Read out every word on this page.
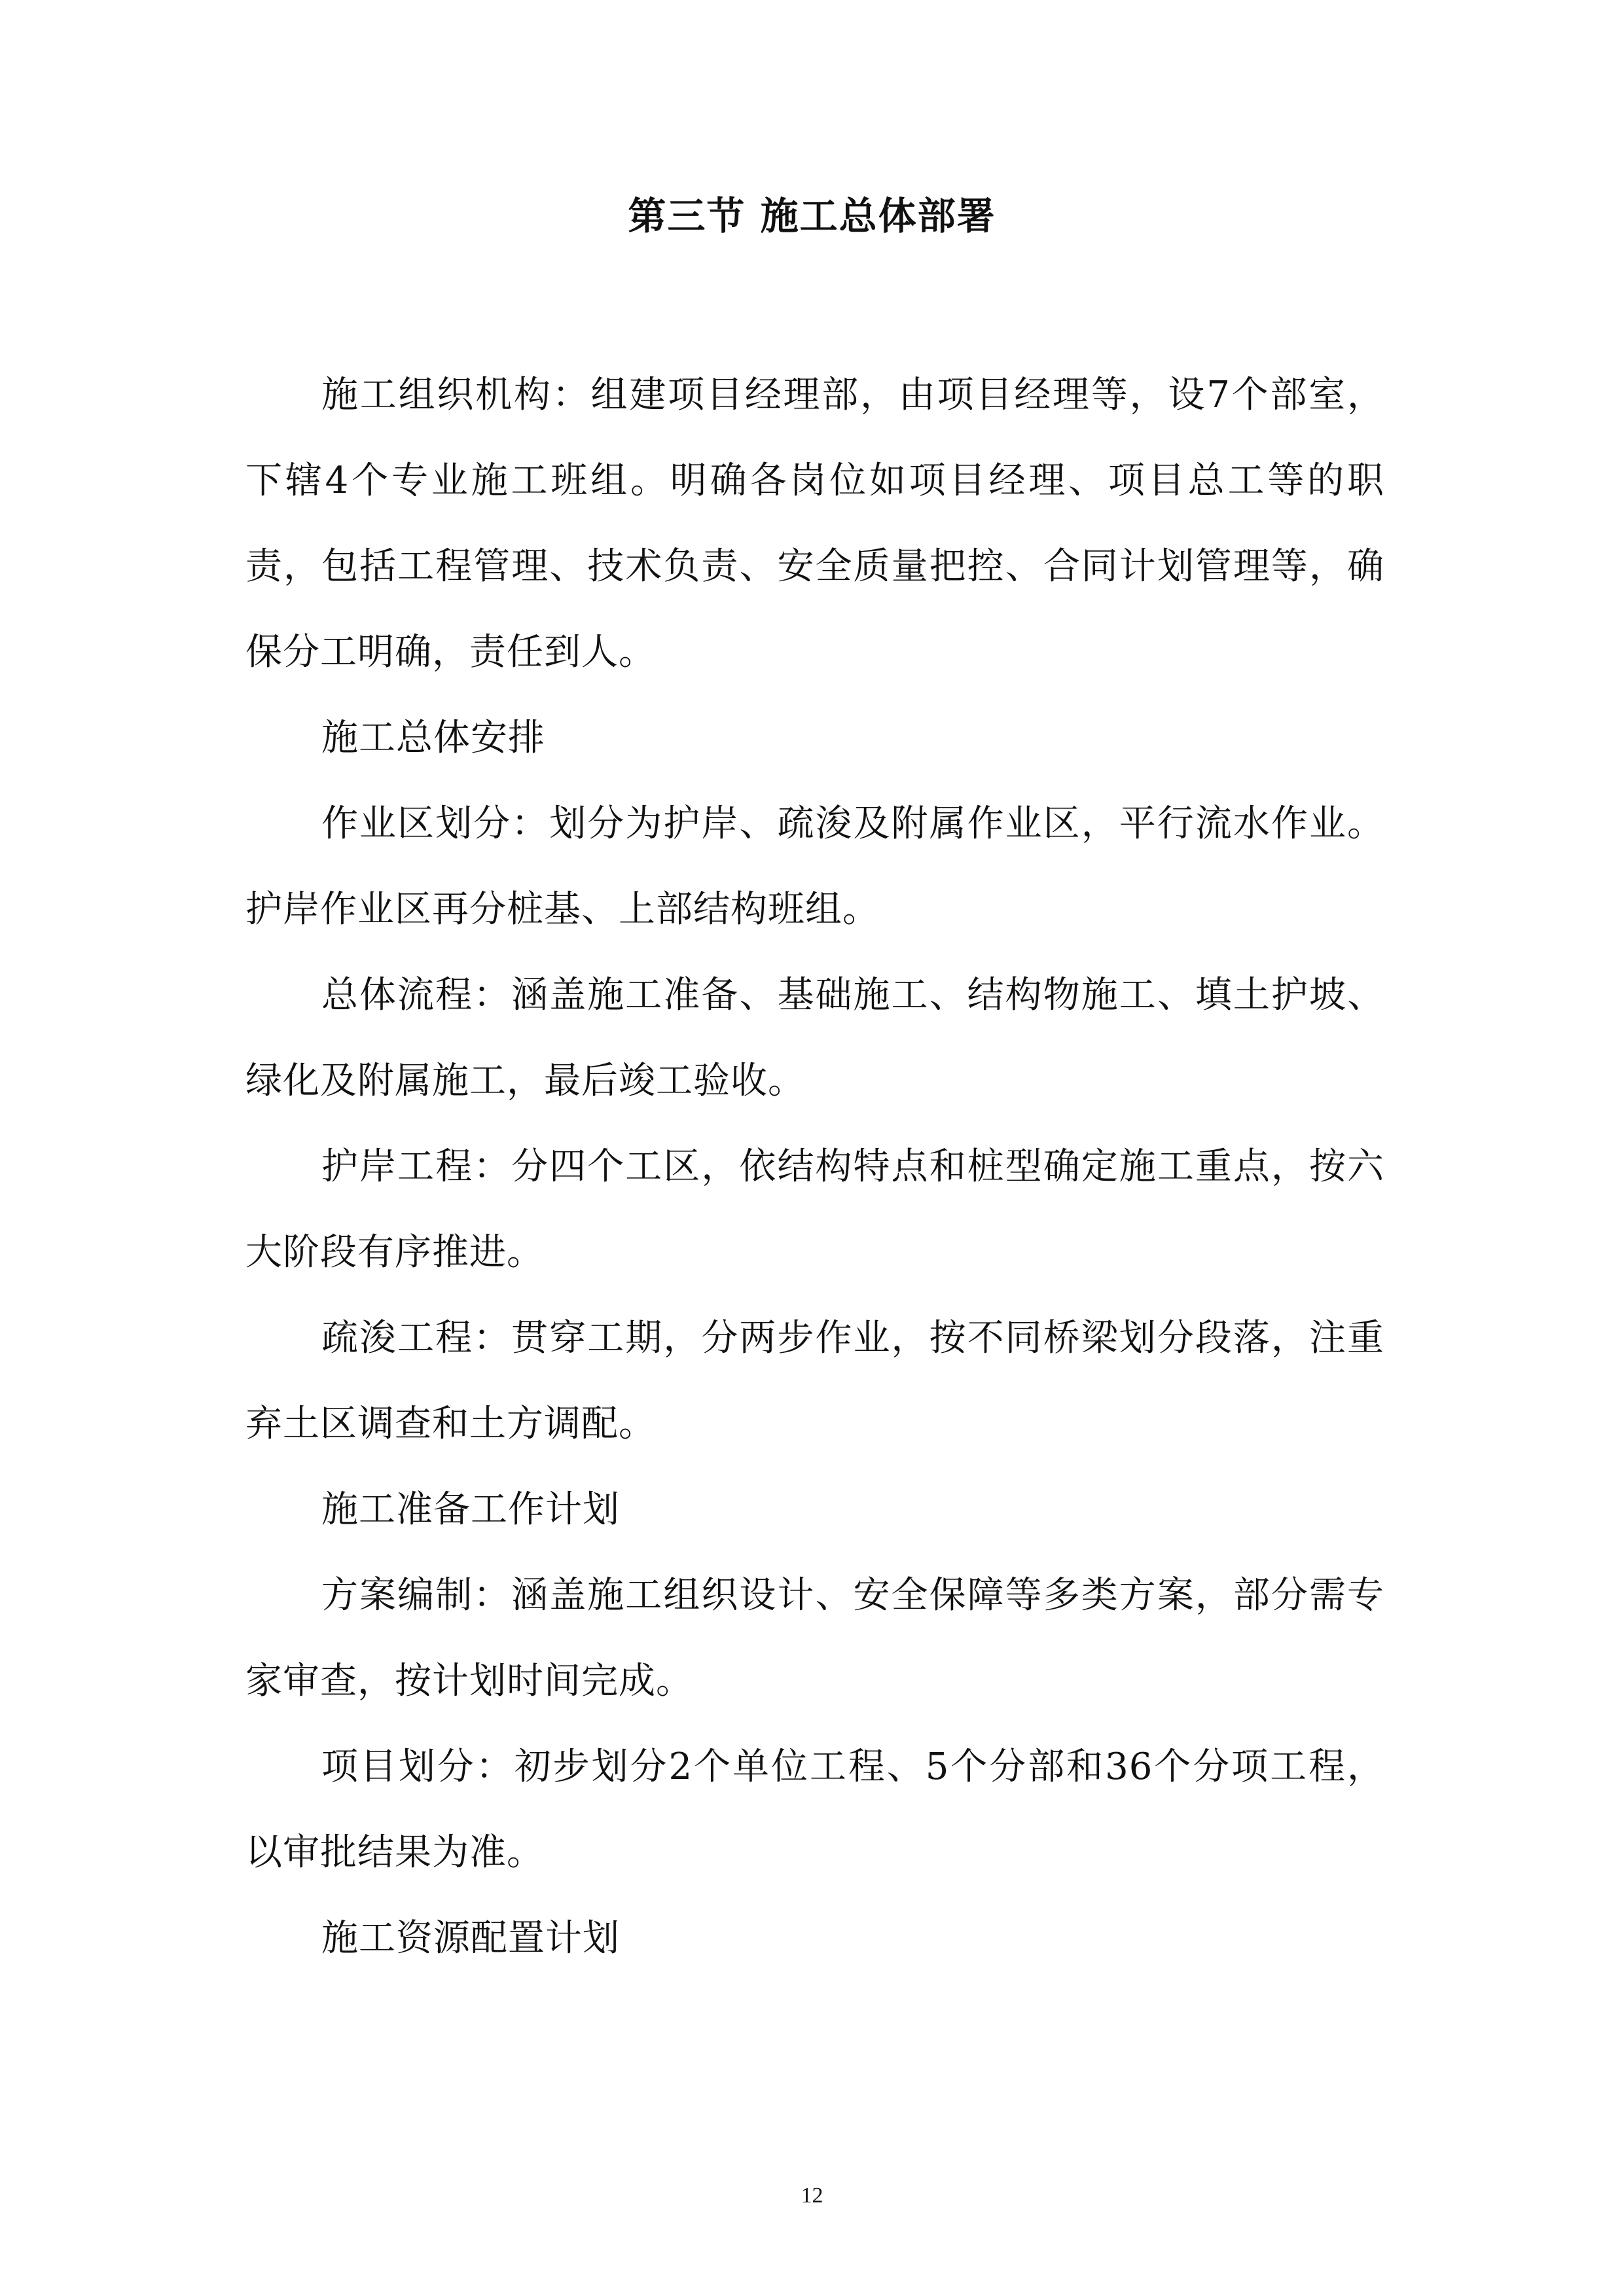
第三节 施工总体部署

施工组织机构：组建项目经理部，由项目经理等，设7个部室，下辖4个专业施工班组。明确各岗位如项目经理、项目总工等的职责，包括工程管理、技术负责、安全质量把控、合同计划管理等，确保分工明确，责任到人。

施工总体安排

作业区划分：划分为护岸、疏浚及附属作业区，平行流水作业。护岸作业区再分桩基、上部结构班组。

总体流程：涵盖施工准备、基础施工、结构物施工、填土护坡、绿化及附属施工，最后竣工验收。

护岸工程：分四个工区，依结构特点和桩型确定施工重点，按六大阶段有序推进。

疏浚工程：贯穿工期，分两步作业，按不同桥梁划分段落，注重弃土区调查和土方调配。

施工准备工作计划

方案编制：涵盖施工组织设计、安全保障等多类方案，部分需专家审查，按计划时间完成。

项目划分：初步划分2个单位工程、5个分部和36个分项工程，以审批结果为准。

施工资源配置计划

12
